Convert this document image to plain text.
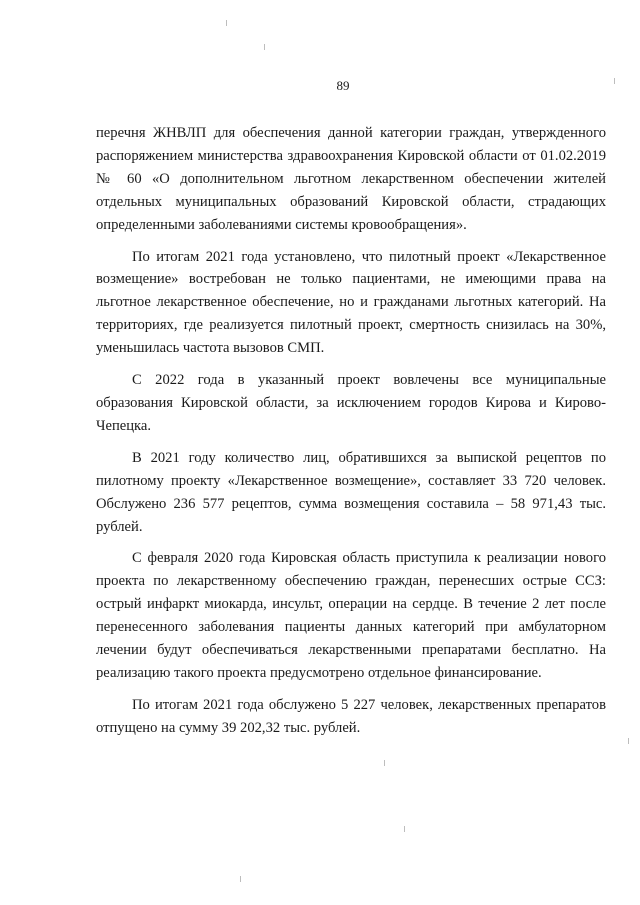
89

перечня ЖНВЛП для обеспечения данной категории граждан, утвержденного распоряжением министерства здравоохранения Кировской области от 01.02.2019 № 60 «О дополнительном льготном лекарственном обеспечении жителей отдельных муниципальных образований Кировской области, страдающих определенными заболеваниями системы кровообращения».

По итогам 2021 года установлено, что пилотный проект «Лекарственное возмещение» востребован не только пациентами, не имеющими права на льготное лекарственное обеспечение, но и гражданами льготных категорий. На территориях, где реализуется пилотный проект, смертность снизилась на 30%, уменьшилась частота вызовов СМП.

С 2022 года в указанный проект вовлечены все муниципальные образования Кировской области, за исключением городов Кирова и Кирово-Чепецка.

В 2021 году количество лиц, обратившихся за выпиской рецептов по пилотному проекту «Лекарственное возмещение», составляет 33 720 человек. Обслужено 236 577 рецептов, сумма возмещения составила – 58 971,43 тыс. рублей.

С февраля 2020 года Кировская область приступила к реализации нового проекта по лекарственному обеспечению граждан, перенесших острые ССЗ: острый инфаркт миокарда, инсульт, операции на сердце. В течение 2 лет после перенесенного заболевания пациенты данных категорий при амбулаторном лечении будут обеспечиваться лекарственными препаратами бесплатно. На реализацию такого проекта предусмотрено отдельное финансирование.

По итогам 2021 года обслужено 5 227 человек, лекарственных препаратов отпущено на сумму 39 202,32 тыс. рублей.
